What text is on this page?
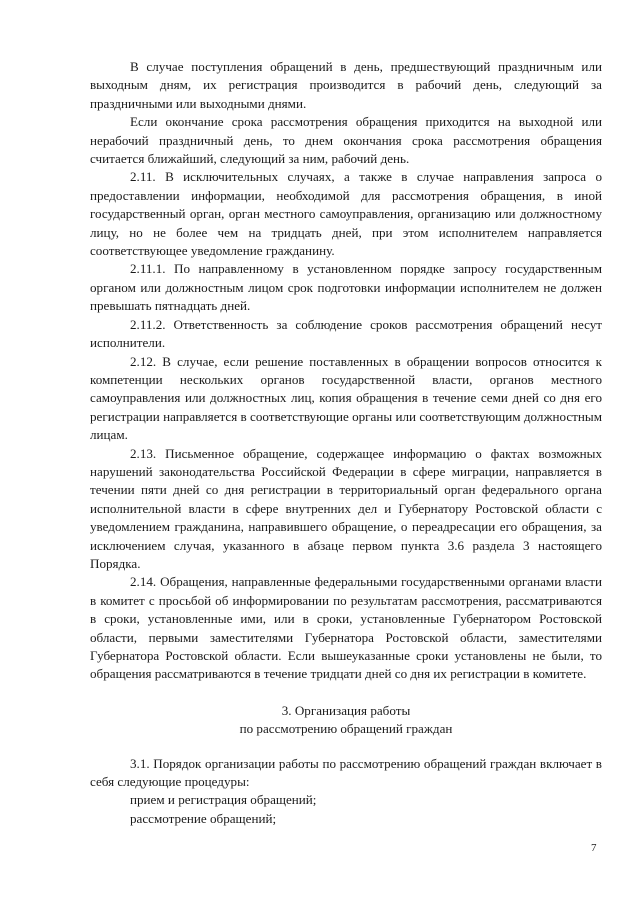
В случае поступления обращений в день, предшествующий праздничным или выходным дням, их регистрация производится в рабочий день, следующий за праздничными или выходными днями.

Если окончание срока рассмотрения обращения приходится на выходной или нерабочий праздничный день, то днем окончания срока рассмотрения обращения считается ближайший, следующий за ним, рабочий день.

2.11. В исключительных случаях, а также в случае направления запроса о предоставлении информации, необходимой для рассмотрения обращения, в иной государственный орган, орган местного самоуправления, организацию или должностному лицу, но не более чем на тридцать дней, при этом исполнителем направляется соответствующее уведомление гражданину.

2.11.1. По направленному в установленном порядке запросу государственным органом или должностным лицом срок подготовки информации исполнителем не должен превышать пятнадцать дней.

2.11.2. Ответственность за соблюдение сроков рассмотрения обращений несут исполнители.

2.12. В случае, если решение поставленных в обращении вопросов относится к компетенции нескольких органов государственной власти, органов местного самоуправления или должностных лиц, копия обращения в течение семи дней со дня его регистрации направляется в соответствующие органы или соответствующим должностным лицам.

2.13. Письменное обращение, содержащее информацию о фактах возможных нарушений законодательства Российской Федерации в сфере миграции, направляется в течении пяти дней со дня регистрации в территориальный орган федерального органа исполнительной власти в сфере внутренних дел и Губернатору Ростовской области с уведомлением гражданина, направившего обращение, о переадресации его обращения, за исключением случая, указанного в абзаце первом пункта 3.6 раздела 3 настоящего Порядка.

2.14. Обращения, направленные федеральными государственными органами власти в комитет с просьбой об информировании по результатам рассмотрения, рассматриваются в сроки, установленные ими, или в сроки, установленные Губернатором Ростовской области, первыми заместителями Губернатора Ростовской области, заместителями Губернатора Ростовской области. Если вышеуказанные сроки установлены не были, то обращения рассматриваются в течение тридцати дней со дня их регистрации в комитете.

3. Организация работы
по рассмотрению обращений граждан

3.1. Порядок организации работы по рассмотрению обращений граждан включает в себя следующие процедуры:

прием и регистрация обращений;

рассмотрение обращений;

7
